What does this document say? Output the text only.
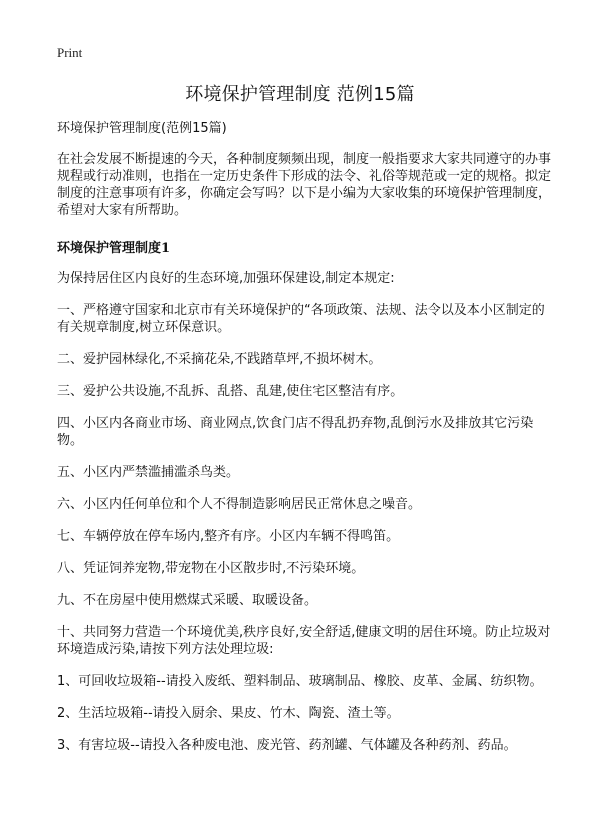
Print
环境保护管理制度 范例15篇

环境保护管理制度(范例15篇)

在社会发展不断提速的今天，各种制度频频出现，制度一般指要求大家共同遵守的办事规程或行动准则，也指在一定历史条件下形成的法令、礼俗等规范或一定的规格。拟定制度的注意事项有许多，你确定会写吗？以下是小编为大家收集的环境保护管理制度，希望对大家有所帮助。

环境保护管理制度1

为保持居住区内良好的生态环境,加强环保建设,制定本规定:

一、严格遵守国家和北京市有关环境保护的“各项政策、法规、法令以及本小区制定的有关规章制度,树立环保意识。

二、爱护园林绿化,不采摘花朵,不践踏草坪,不损坏树木。

三、爱护公共设施,不乱拆、乱搭、乱建,使住宅区整洁有序。

四、小区内各商业市场、商业网点,饮食门店不得乱扔弃物,乱倒污水及排放其它污染物。

五、小区内严禁滥捕滥杀鸟类。

六、小区内任何单位和个人不得制造影响居民正常休息之噪音。

七、车辆停放在停车场内,整齐有序。小区内车辆不得鸣笛。

八、凭证饲养宠物,带宠物在小区散步时,不污染环境。

九、不在房屋中使用燃煤式采暖、取暖设备。

十、共同努力营造一个环境优美,秩序良好,安全舒适,健康文明的居住环境。防止垃圾对环境造成污染,请按下列方法处理垃圾:

1、可回收垃圾箱--请投入废纸、塑料制品、玻璃制品、橡胶、皮革、金属、纺织物。

2、生活垃圾箱--请投入厨余、果皮、竹木、陶瓷、渣土等。

3、有害垃圾--请投入各种废电池、废光管、药剂罐、气体罐及各种药剂、药品。
